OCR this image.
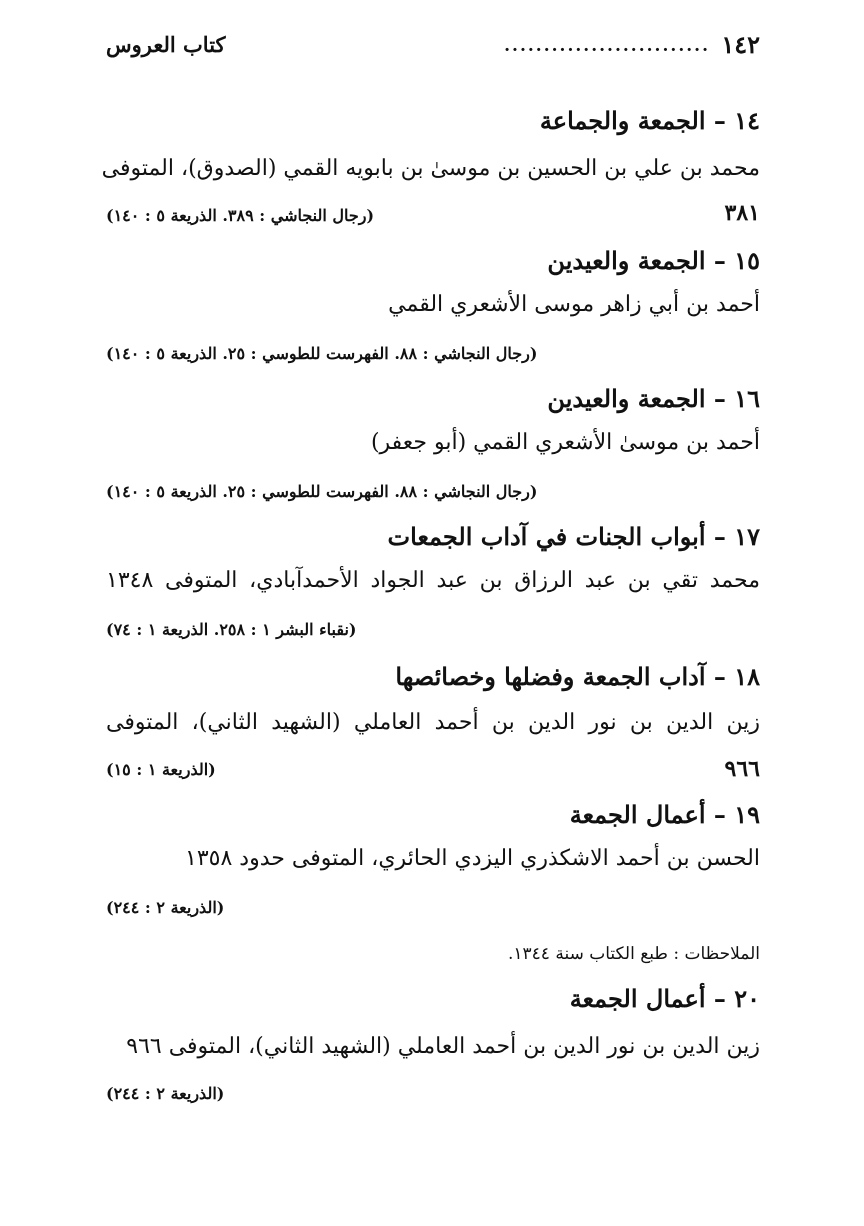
١٤٢
..........................
كتاب العروس
١٤ – الجمعة والجماعة
محمد بن علي بن الحسين بن موسىٰ بن بابويه القمي (الصدوق)، المتوفى
٣٨١
(رجال النجاشي : ٣٨٩. الذريعة ٥ : ١٤٠)
١٥ – الجمعة والعيدين
أحمد بن أبي زاهر موسى الأشعري القمي
(رجال النجاشي : ٨٨. الفهرست للطوسي : ٢٥. الذريعة ٥ : ١٤٠)
١٦ – الجمعة والعيدين
أحمد بن موسىٰ الأشعري القمي (أبو جعفر)
(رجال النجاشي : ٨٨. الفهرست للطوسي : ٢٥. الذريعة ٥ : ١٤٠)
١٧ – أبواب الجنات في آداب الجمعات
محمد تقي بن عبد الرزاق بن عبد الجواد الأحمدآبادي، المتوفى ١٣٤٨
(نقباء البشر ١ : ٢٥٨. الذريعة ١ : ٧٤)
١٨ – آداب الجمعة وفضلها وخصائصها
زين الدين بن نور الدين بن أحمد العاملي (الشهيد الثاني)، المتوفى
٩٦٦
(الذريعة ١ : ١٥)
١٩ – أعمال الجمعة
الحسن بن أحمد الاشكذري اليزدي الحائري، المتوفى حدود ١٣٥٨
(الذريعة ٢ : ٢٤٤)
الملاحظات : طبع الكتاب سنة ١٣٤٤.
٢٠ – أعمال الجمعة
زين الدين بن نور الدين بن أحمد العاملي (الشهيد الثاني)، المتوفى ٩٦٦
(الذريعة ٢ : ٢٤٤)
